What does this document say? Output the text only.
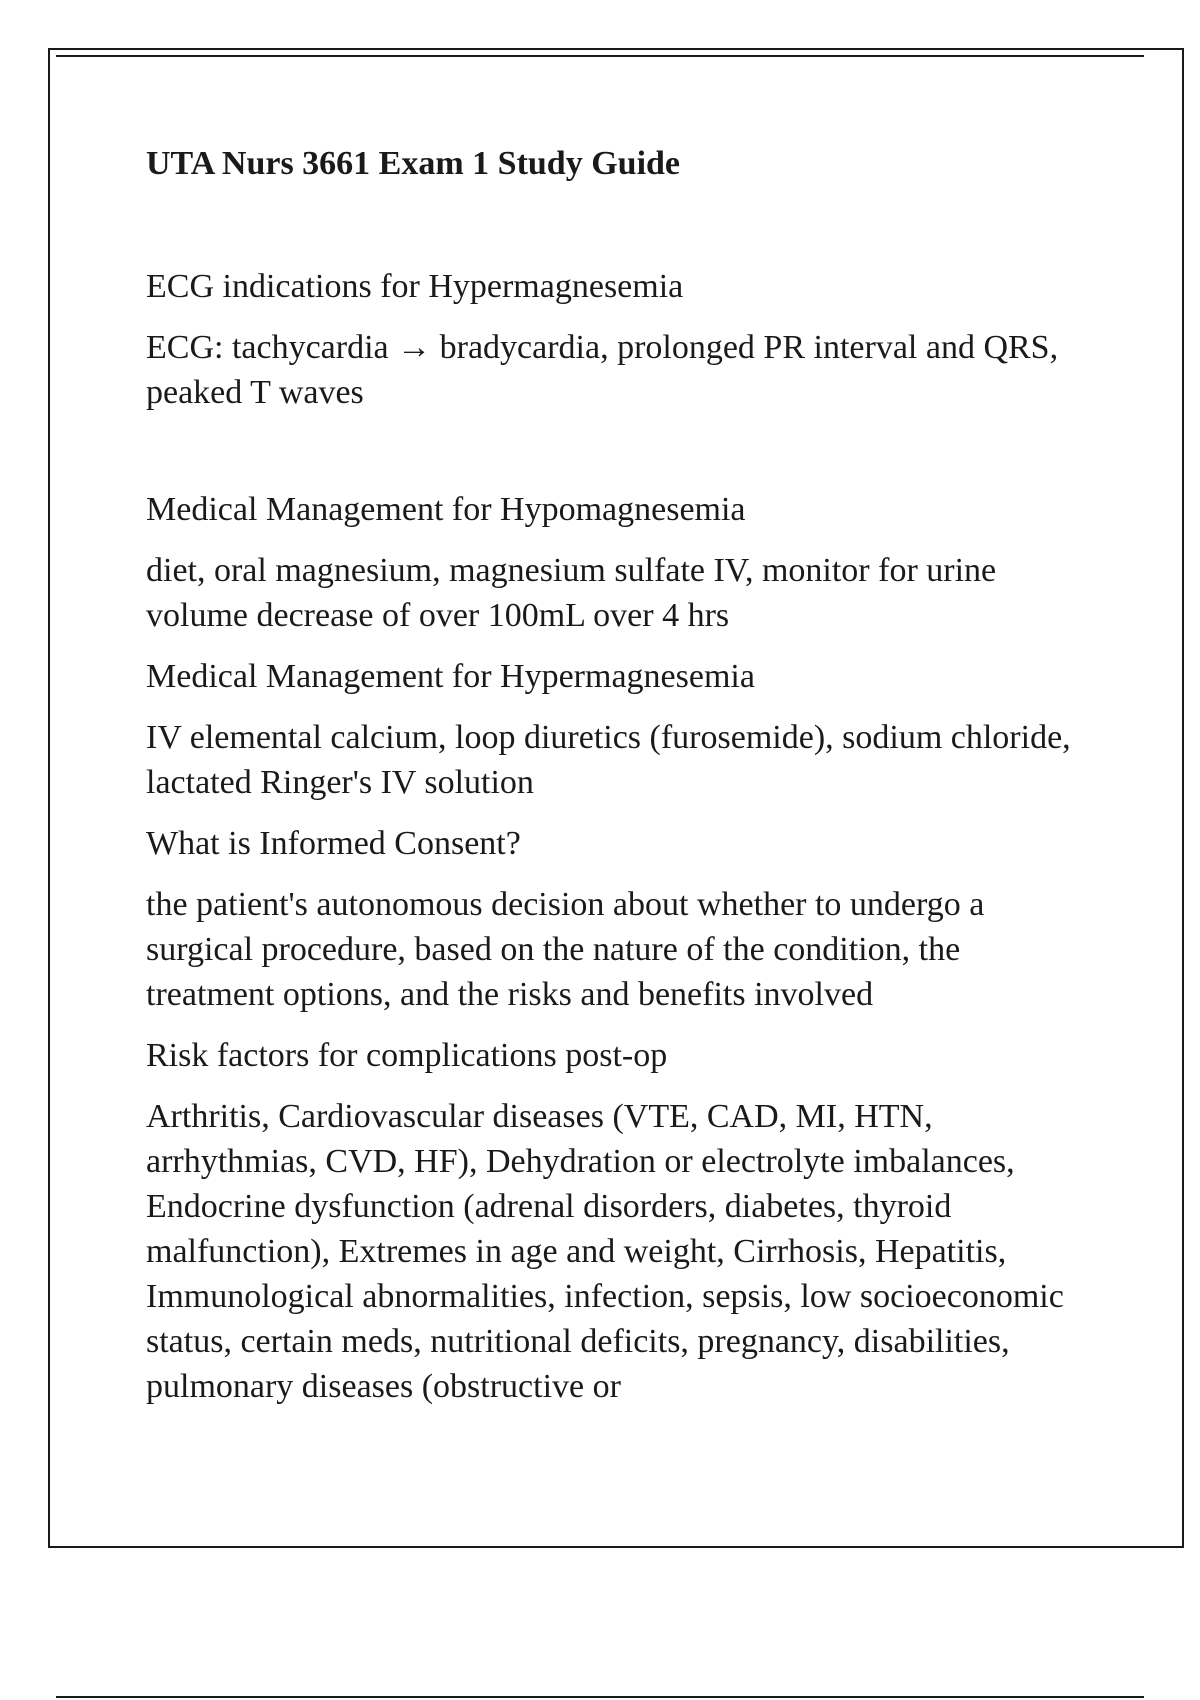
UTA Nurs 3661 Exam 1 Study Guide

ECG indications for Hypermagnesemia

ECG: tachycardia → bradycardia, prolonged PR interval and QRS, peaked T waves

Medical Management for Hypomagnesemia

diet, oral magnesium, magnesium sulfate IV, monitor for urine volume decrease of over 100mL over 4 hrs

Medical Management for Hypermagnesemia

IV elemental calcium, loop diuretics (furosemide), sodium chloride, lactated Ringer's IV solution

What is Informed Consent?

the patient's autonomous decision about whether to undergo a surgical procedure, based on the nature of the condition, the treatment options, and the risks and benefits involved

Risk factors for complications post-op

Arthritis, Cardiovascular diseases (VTE, CAD, MI, HTN, arrhythmias, CVD, HF), Dehydration or electrolyte imbalances, Endocrine dysfunction (adrenal disorders, diabetes, thyroid malfunction), Extremes in age and weight, Cirrhosis, Hepatitis, Immunological abnormalities, infection, sepsis, low socioeconomic status, certain meds, nutritional deficits, pregnancy, disabilities, pulmonary diseases (obstructive or
